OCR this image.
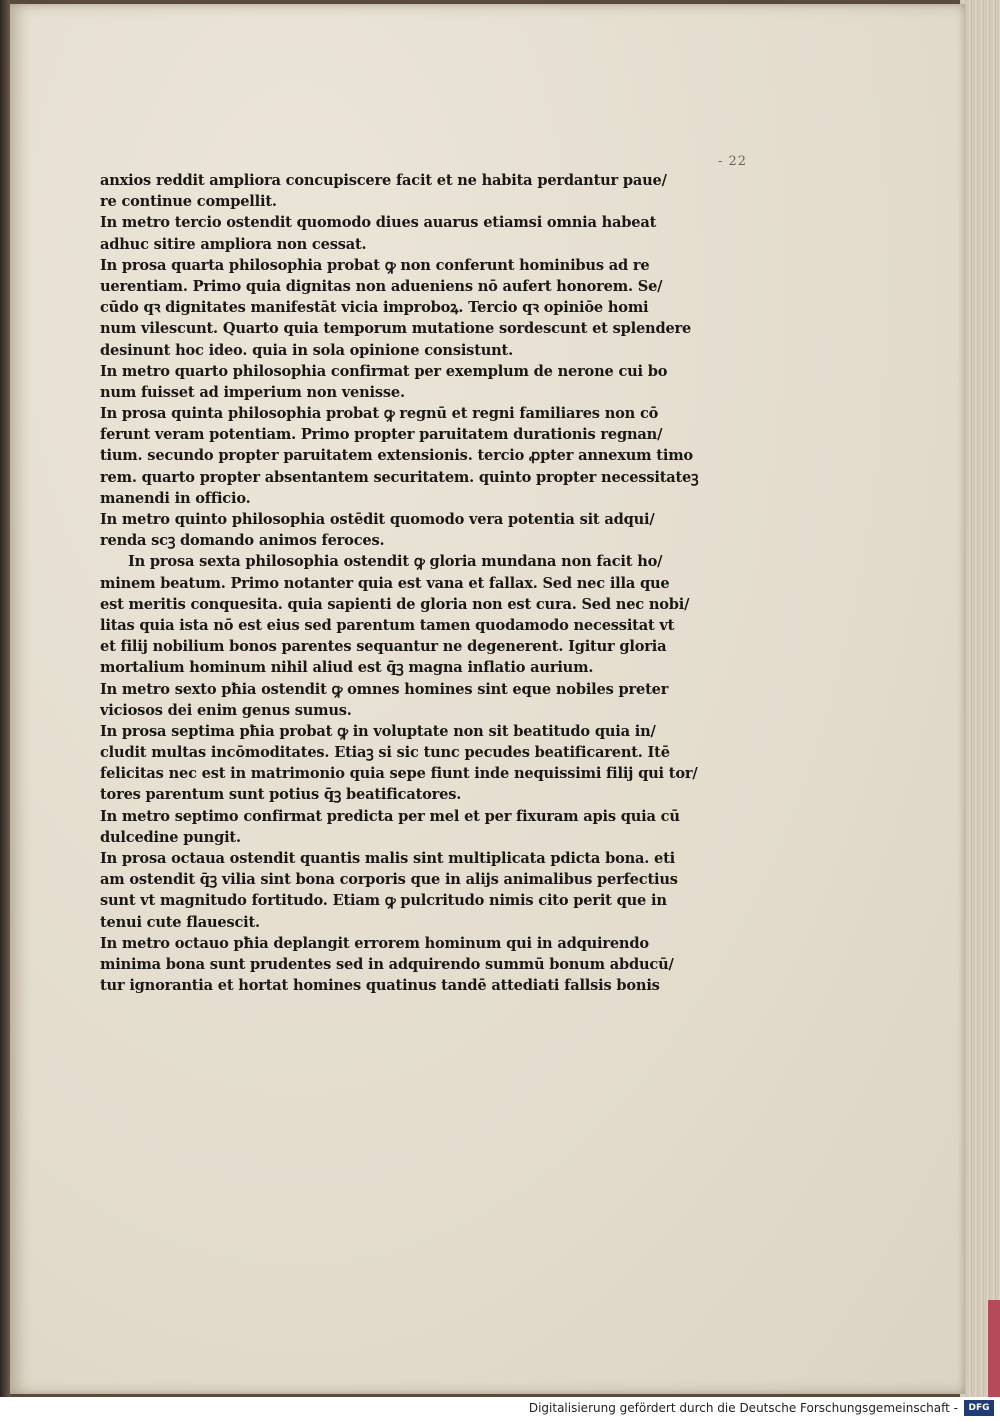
- 22
anxios reddit ampliora concupiscere facit et ne habita perdantur paue/
re continue compellit.
In metro tercio ostendit quomodo diues auarus etiamsi omnia habeat
adhuc sitire ampliora non cessat.
In prosa quarta philosophia probat ꝙ non conferunt hominibus ad re
uerentiam. Primo quia dignitas non adueniens nō aufert honorem. Se/
cūdo qꝛ dignitates manifestāt vicia improboꝝ. Tercio qꝛ opiniōe homi
num vilescunt. Quarto quia temporum mutatione sordescunt et splendere
desinunt hoc ideo. quia in sola opinione consistunt.
In metro quarto philosophia confirmat per exemplum de nerone cui bo
num fuisset ad imperium non venisse.
In prosa quinta philosophia probat ꝙ regnū et regni familiares non cō
ferunt veram potentiam. Primo propter paruitatem durationis regnan/
tium. secundo propter paruitatem extensionis. tercio ꝓpter annexum timo
rem. quarto propter absentantem securitatem. quinto propter necessitateꝫ
manendi in officio.
In metro quinto philosophia ostēdit quomodo vera potentia sit adqui/
renda scꝫ domando animos feroces.
In prosa sexta philosophia ostendit ꝙ gloria mundana non facit ho/
minem beatum. Primo notanter quia est vana et fallax. Sed nec illa que
est meritis conquesita. quia sapienti de gloria non est cura. Sed nec nobi/
litas quia ista nō est eius sed parentum tamen quodamodo necessitat vt
et filij nobilium bonos parentes sequantur ne degenerent. Igitur gloria
mortalium hominum nihil aliud est q̄ꝫ magna inflatio aurium.
In metro sexto pħia ostendit ꝙ omnes homines sint eque nobiles preter
viciosos dei enim genus sumus.
In prosa septima pħia probat ꝙ in voluptate non sit beatitudo quia in/
cludit multas incōmoditates. Etiaꝫ si sic tunc pecudes beatificarent. Itē
felicitas nec est in matrimonio quia sepe fiunt inde nequissimi filij qui tor/
tores parentum sunt potius q̄ꝫ beatificatores.
In metro septimo confirmat predicta per mel et per fixuram apis quia cū
dulcedine pungit.
In prosa octaua ostendit quantis malis sint multiplicata pdicta bona. eti
am ostendit q̄ꝫ vilia sint bona corporis que in alijs animalibus perfectius
sunt vt magnitudo fortitudo. Etiam ꝙ pulcritudo nimis cito perit que in
tenui cute flauescit.
In metro octauo pħia deplangit errorem hominum qui in adquirendo
minima bona sunt prudentes sed in adquirendo summū bonum abducū/
tur ignorantia et hortat homines quatinus tandē attediati fallsis bonis
Digitalisierung gefördert durch die Deutsche Forschungsgemeinschaft -	DFG
